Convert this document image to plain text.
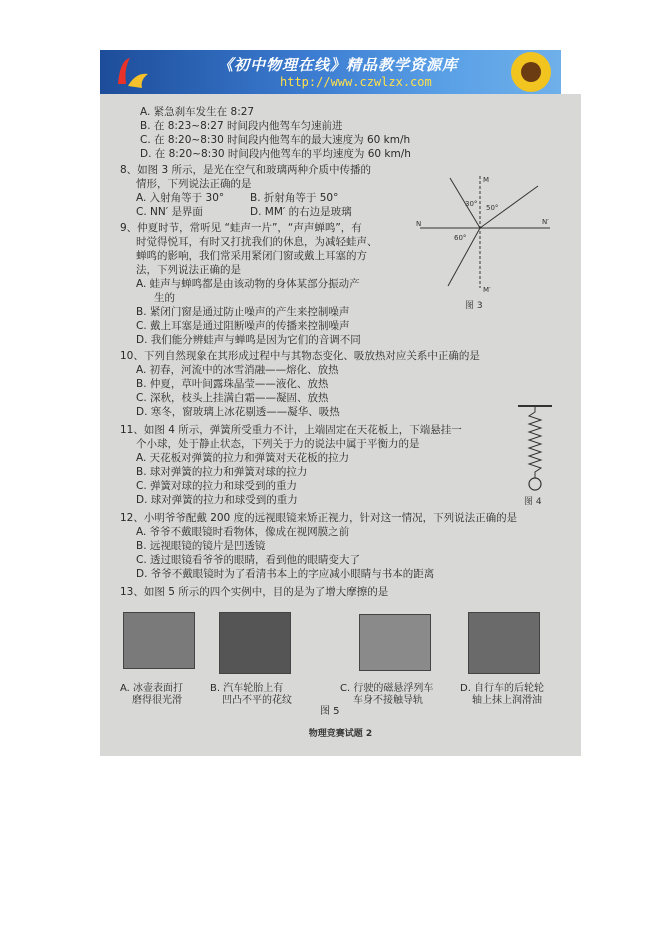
《初中物理在线》精品教学资源库
http://www.czwlzx.com
A. 紧急刹车发生在 8:27
B. 在 8:23~8:27 时间段内他驾车匀速前进
C. 在 8:20~8:30 时间段内他驾车的最大速度为 60 km/h
D. 在 8:20~8:30 时间段内他驾车的平均速度为 60 km/h
8、如图 3 所示，是光在空气和玻璃两种介质中传播的
情形，下列说法正确的是
A. 入射角等于 30° B. 折射角等于 50°
C. NN′ 是界面	D. MM′ 的右边是玻璃
9、仲夏时节，常听见 “蛙声一片”，“声声蝉鸣”，有
时觉得悦耳，有时又打扰我们的休息，为减轻蛙声、
蝉鸣的影响，我们常采用紧闭门窗或戴上耳塞的方
法，下列说法正确的是
A. 蛙声与蝉鸣都是由该动物的身体某部分振动产
生的
B. 紧闭门窗是通过防止噪声的产生来控制噪声
C. 戴上耳塞是通过阻断噪声的传播来控制噪声
D. 我们能分辨蛙声与蝉鸣是因为它们的音调不同
10、下列自然现象在其形成过程中与其物态变化、吸放热对应关系中正确的是
A. 初春，河流中的冰雪消融——熔化、放热
B. 仲夏，草叶间露珠晶莹——液化、放热
C. 深秋，枝头上挂满白霜——凝固、放热
D. 寒冬，窗玻璃上冰花剔透——凝华、吸热
11、如图 4 所示，弹簧所受重力不计，上端固定在天花板上，下端悬挂一
个小球，处于静止状态，下列关于力的说法中属于平衡力的是
A. 天花板对弹簧的拉力和弹簧对天花板的拉力
B. 球对弹簧的拉力和弹簧对球的拉力
C. 弹簧对球的拉力和球受到的重力
D. 球对弹簧的拉力和球受到的重力
12、小明爷爷配戴 200 度的远视眼镜来矫正视力，针对这一情况，下列说法正确的是
A. 爷爷不戴眼镜时看物体，像成在视网膜之前
B. 远视眼镜的镜片是凹透镜
C. 透过眼镜看爷爷的眼睛，看到他的眼睛变大了
D. 爷爷不戴眼镜时为了看清书本上的字应减小眼睛与书本的距离
13、如图 5 所示的四个实例中，目的是为了增大摩擦的是
M
M′
N	N′
30° 50°
60°
图 3
图 4
A. 冰壶表面打
磨得很光滑
B. 汽车轮胎上有
凹凸不平的花纹
C. 行驶的磁悬浮列车
车身不接触导轨
D. 自行车的后轮轮
轴上抹上润滑油
图 5
物理竞赛试题 2
